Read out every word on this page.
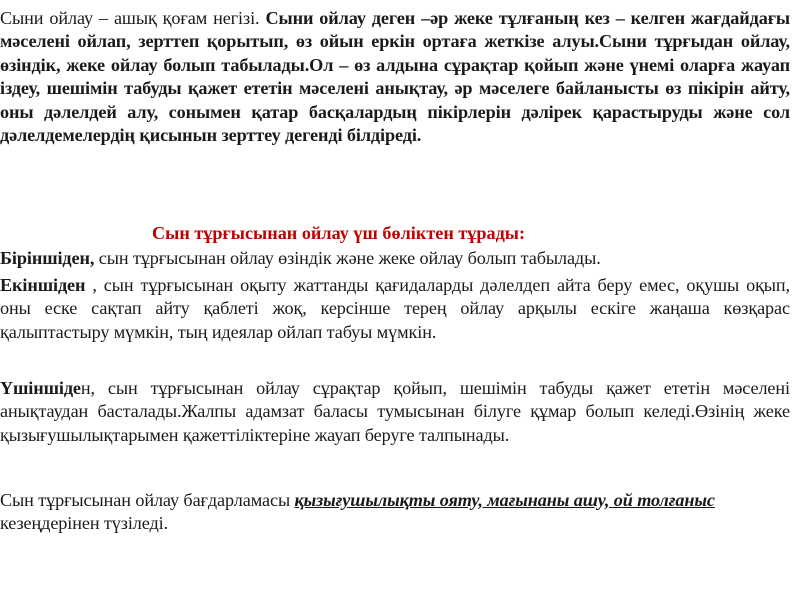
Сыни ойлау – ашық қоғам негізі. Сыни ойлау деген –әр жеке тұлғаның кез – келген жағдайдағы мәселені ойлап, зерттеп қорытып, өз ойын еркін ортаға жеткізе алуы.Сыни тұрғыдан ойлау, өзіндік, жеке ойлау болып табылады.Ол – өз алдына сұрақтар қойып және үнемі оларға жауап іздеу, шешімін табуды қажет ететін мәселені анықтау, әр мәселеге байланысты өз пікірін айту, оны дәлелдей алу, сонымен қатар басқалардың пікірлерін дәлірек қарастыруды және сол дәлелдемелердің қисынын зерттеу дегенді білдіреді.

Сын тұрғысынан ойлау үш бөліктен тұрады:

Біріншіден, сын тұрғысынан ойлау өзіндік және жеке ойлау болып табылады.

Екіншіден , сын тұрғысынан оқыту жаттанды қағидаларды дәлелдеп айта беру емес, оқушы оқып, оны еске сақтап айту қаблеті жоқ, керсінше терең ойлау арқылы ескіге жаңаша көзқарас қалыптастыру мүмкін, тың идеялар ойлап табуы мүмкін.

Үшіншіден, сын тұрғысынан ойлау сұрақтар қойып, шешімін табуды қажет ететін мәселені анықтаудан басталады.Жалпы адамзат баласы тумысынан білуге құмар болып келеді.Өзінің жеке қызығушылықтарымен қажеттіліктеріне жауап беруге талпынады.

Сын тұрғысынан ойлау бағдарламасы қызығушылықты ояту, мағынаны ашу, ой толғаныс кезеңдерінен түзіледі.
